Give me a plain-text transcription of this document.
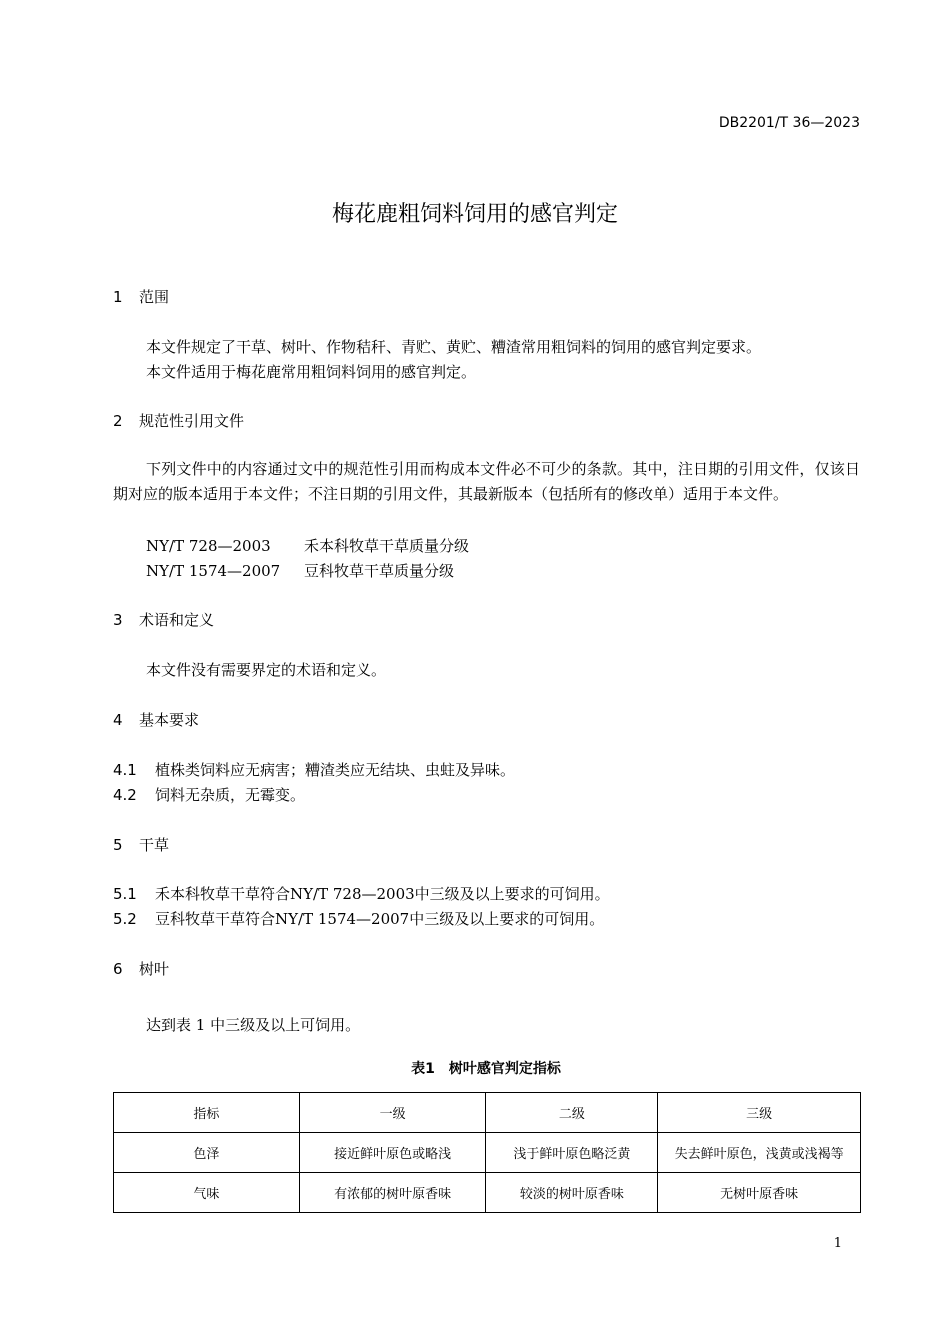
DB2201/T 36—2023
梅花鹿粗饲料饲用的感官判定
1 范围
本文件规定了干草、树叶、作物秸秆、青贮、黄贮、糟渣常用粗饲料的饲用的感官判定要求。
本文件适用于梅花鹿常用粗饲料饲用的感官判定。
2 规范性引用文件
下列文件中的内容通过文中的规范性引用而构成本文件必不可少的条款。其中，注日期的引用文件，仅该日期对应的版本适用于本文件；不注日期的引用文件，其最新版本（包括所有的修改单）适用于本文件。
NY/T 728—2003 禾本科牧草干草质量分级
NY/T 1574—2007 豆科牧草干草质量分级
3 术语和定义
本文件没有需要界定的术语和定义。
4 基本要求
4.1 植株类饲料应无病害；糟渣类应无结块、虫蛀及异味。
4.2 饲料无杂质，无霉变。
5 干草
5.1 禾本科牧草干草符合NY/T 728—2003中三级及以上要求的可饲用。
5.2 豆科牧草干草符合NY/T 1574—2007中三级及以上要求的可饲用。
6 树叶
达到表 1 中三级及以上可饲用。
表1　树叶感官判定指标
指标	一级	二级	三级
色泽	接近鲜叶原色或略浅	浅于鲜叶原色略泛黄	失去鲜叶原色，浅黄或浅褐等
气味	有浓郁的树叶原香味	较淡的树叶原香味	无树叶原香味
1
